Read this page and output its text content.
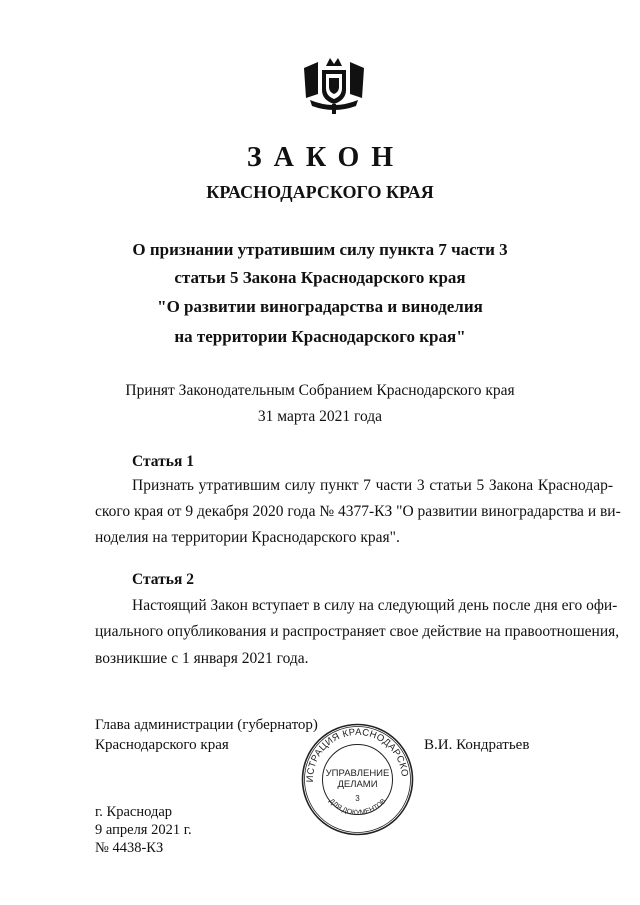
ЗАКОН
КРАСНОДАРСКОГО КРАЯ
О признании утратившим силу пункта 7 части 3
статьи 5 Закона Краснодарского края
"О развитии виноградарства и виноделия
на территории Краснодарского края"
Принят Законодательным Собранием Краснодарского края
31 марта 2021 года
Статья 1
Признать утратившим силу пункт 7 части 3 статьи 5 Закона Краснодар-
ского края от 9 декабря 2020 года № 4377-КЗ "О развитии виноградарства и ви-
ноделия на территории Краснодарского края".
Статья 2
Настоящий Закон вступает в силу на следующий день после дня его офи-
циального опубликования и распространяет свое действие на правоотношения,
возникшие с 1 января 2021 года.
Глава администрации (губернатор)
Краснодарского края	В.И. Кондратьев
г. Краснодар
9 апреля 2021 г.
№ 4438-КЗ
ИСТРАЦИЯ КРАСНОДАРСКО
ДЛЯ ДОКУМЕНТОВ
УПРАВЛЕНИЕ
ДЕЛАМИ
3
